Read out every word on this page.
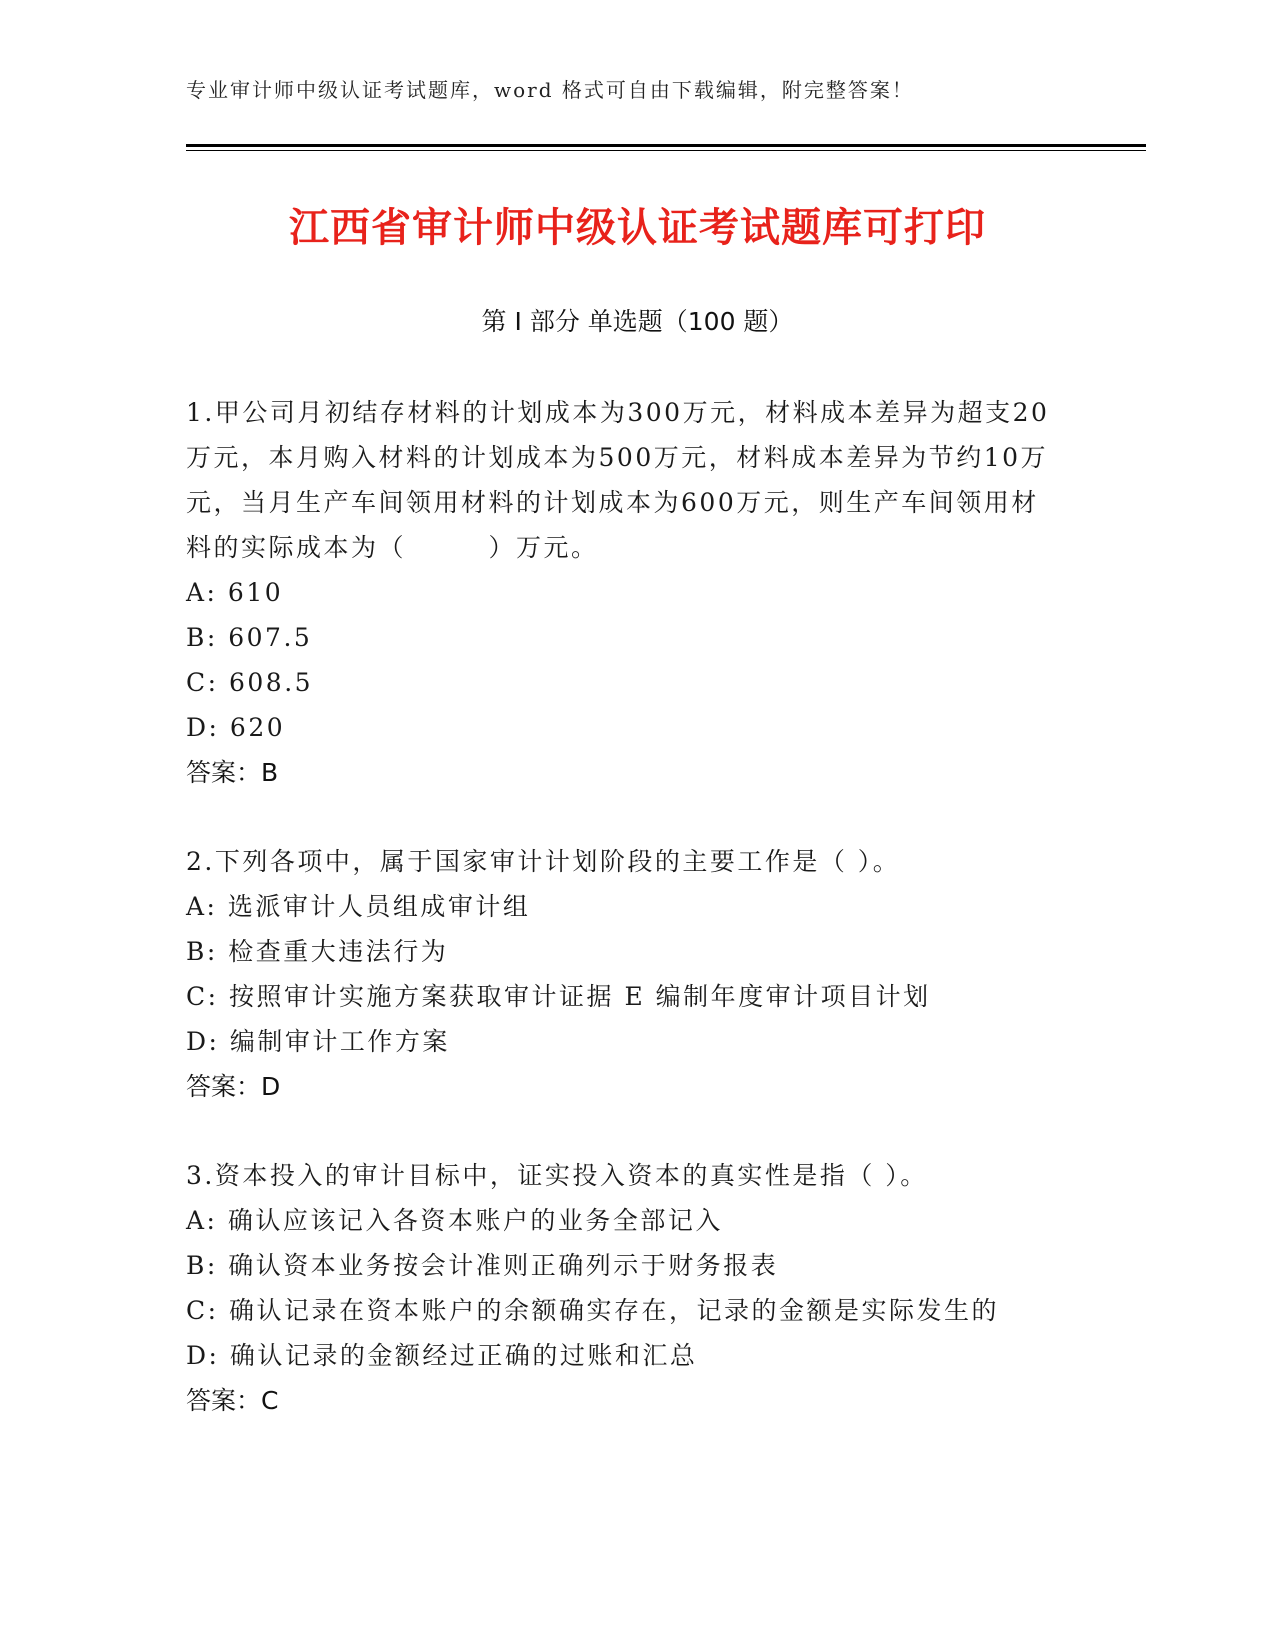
专业审计师中级认证考试题库，word 格式可自由下载编辑，附完整答案！
江西省审计师中级认证考试题库可打印
第 I 部分 单选题（100 题）
1.甲公司月初结存材料的计划成本为300万元，材料成本差异为超支20万元，本月购入材料的计划成本为500万元，材料成本差异为节约10万元，当月生产车间领用材料的计划成本为600万元，则生产车间领用材料的实际成本为（　　　）万元。
A: 610
B: 607.5
C: 608.5
D: 620
答案：B
2.下列各项中，属于国家审计计划阶段的主要工作是（ ）。
A: 选派审计人员组成审计组
B: 检查重大违法行为
C: 按照审计实施方案获取审计证据 E 编制年度审计项目计划
D: 编制审计工作方案
答案：D
3.资本投入的审计目标中，证实投入资本的真实性是指（ ）。
A: 确认应该记入各资本账户的业务全部记入
B: 确认资本业务按会计准则正确列示于财务报表
C: 确认记录在资本账户的余额确实存在，记录的金额是实际发生的
D: 确认记录的金额经过正确的过账和汇总
答案：C
